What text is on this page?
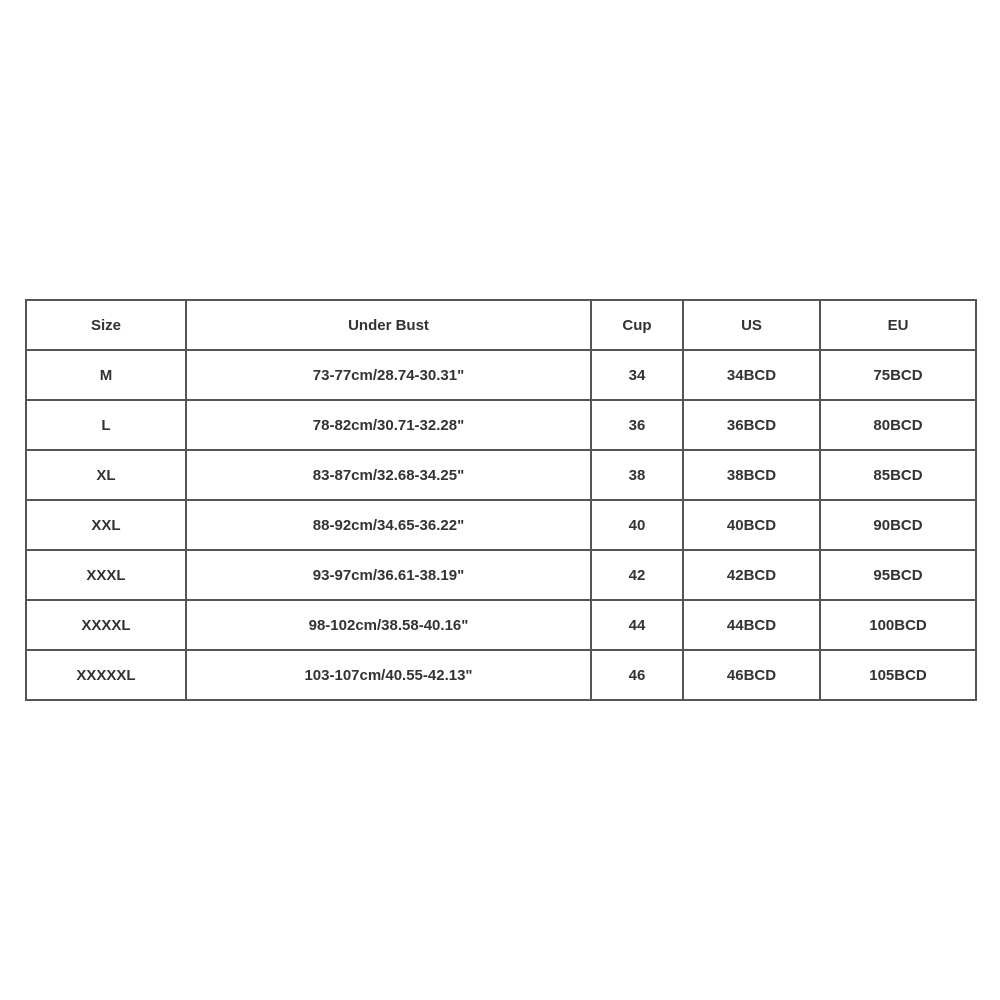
Size	Under Bust	Cup	US	EU
M	73-77cm/28.74-30.31"	34	34BCD	75BCD
L	78-82cm/30.71-32.28"	36	36BCD	80BCD
XL	83-87cm/32.68-34.25"	38	38BCD	85BCD
XXL	88-92cm/34.65-36.22"	40	40BCD	90BCD
XXXL	93-97cm/36.61-38.19"	42	42BCD	95BCD
XXXXL	98-102cm/38.58-40.16"	44	44BCD	100BCD
XXXXXL	103-107cm/40.55-42.13"	46	46BCD	105BCD
